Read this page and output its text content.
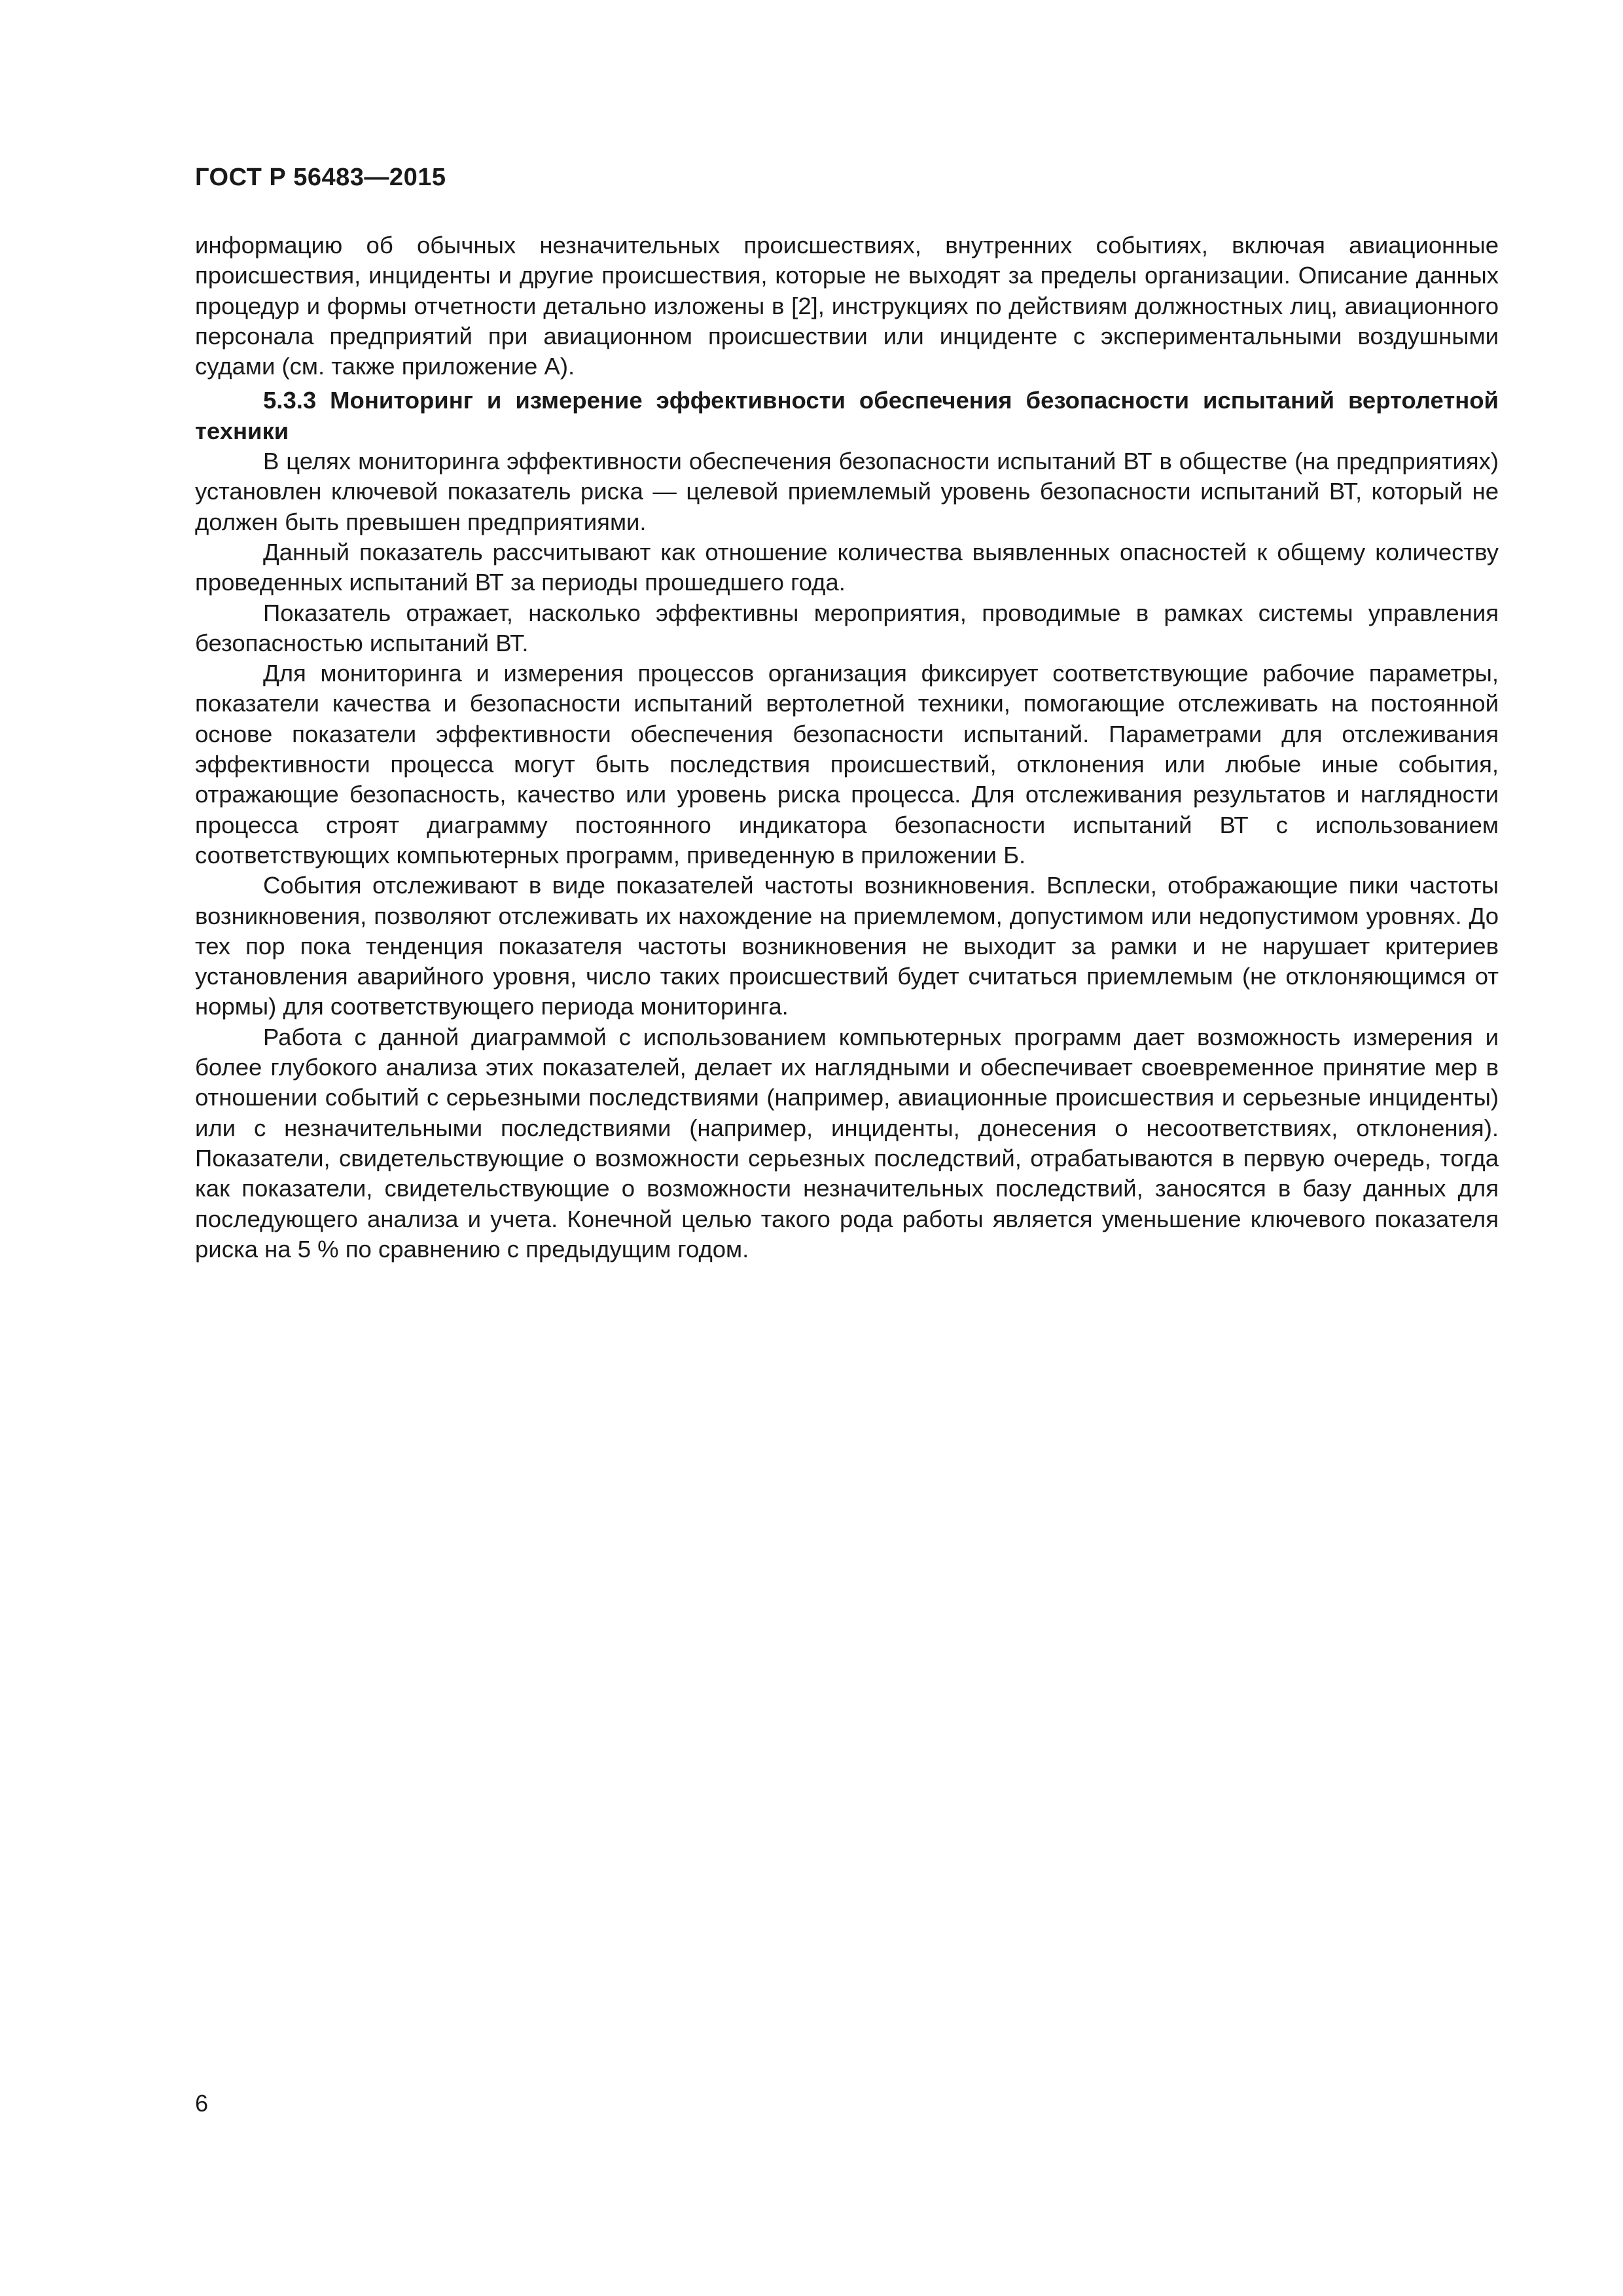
ГОСТ Р 56483—2015

информацию об обычных незначительных происшествиях, внутренних событиях, включая авиационные происшествия, инциденты и другие происшествия, которые не выходят за пределы организации. Описание данных процедур и формы отчетности детально изложены в [2], инструкциях по действиям должностных лиц, авиационного персонала предприятий при авиационном происшествии или инциденте с экспериментальными воздушными судами (см. также приложение А).

5.3.3 Мониторинг и измерение эффективности обеспечения безопасности испытаний вертолетной техники

В целях мониторинга эффективности обеспечения безопасности испытаний ВТ в обществе (на предприятиях) установлен ключевой показатель риска — целевой приемлемый уровень безопасности испытаний ВТ, который не должен быть превышен предприятиями.

Данный показатель рассчитывают как отношение количества выявленных опасностей к общему количеству проведенных испытаний ВТ за периоды прошедшего года.

Показатель отражает, насколько эффективны мероприятия, проводимые в рамках системы управления безопасностью испытаний ВТ.

Для мониторинга и измерения процессов организация фиксирует соответствующие рабочие параметры, показатели качества и безопасности испытаний вертолетной техники, помогающие отслеживать на постоянной основе показатели эффективности обеспечения безопасности испытаний. Параметрами для отслеживания эффективности процесса могут быть последствия происшествий, отклонения или любые иные события, отражающие безопасность, качество или уровень риска процесса. Для отслеживания результатов и наглядности процесса строят диаграмму постоянного индикатора безопасности испытаний ВТ с использованием соответствующих компьютерных программ, приведенную в приложении Б.

События отслеживают в виде показателей частоты возникновения. Всплески, отображающие пики частоты возникновения, позволяют отслеживать их нахождение на приемлемом, допустимом или недопустимом уровнях. До тех пор пока тенденция показателя частоты возникновения не выходит за рамки и не нарушает критериев установления аварийного уровня, число таких происшествий будет считаться приемлемым (не отклоняющимся от нормы) для соответствующего периода мониторинга.

Работа с данной диаграммой с использованием компьютерных программ дает возможность измерения и более глубокого анализа этих показателей, делает их наглядными и обеспечивает своевременное принятие мер в отношении событий с серьезными последствиями (например, авиационные происшествия и серьезные инциденты) или с незначительными последствиями (например, инциденты, донесения о несоответствиях, отклонения). Показатели, свидетельствующие о возможности серьезных последствий, отрабатываются в первую очередь, тогда как показатели, свидетельствующие о возможности незначительных последствий, заносятся в базу данных для последующего анализа и учета. Конечной целью такого рода работы является уменьшение ключевого показателя риска на 5 % по сравнению с предыдущим годом.

6
